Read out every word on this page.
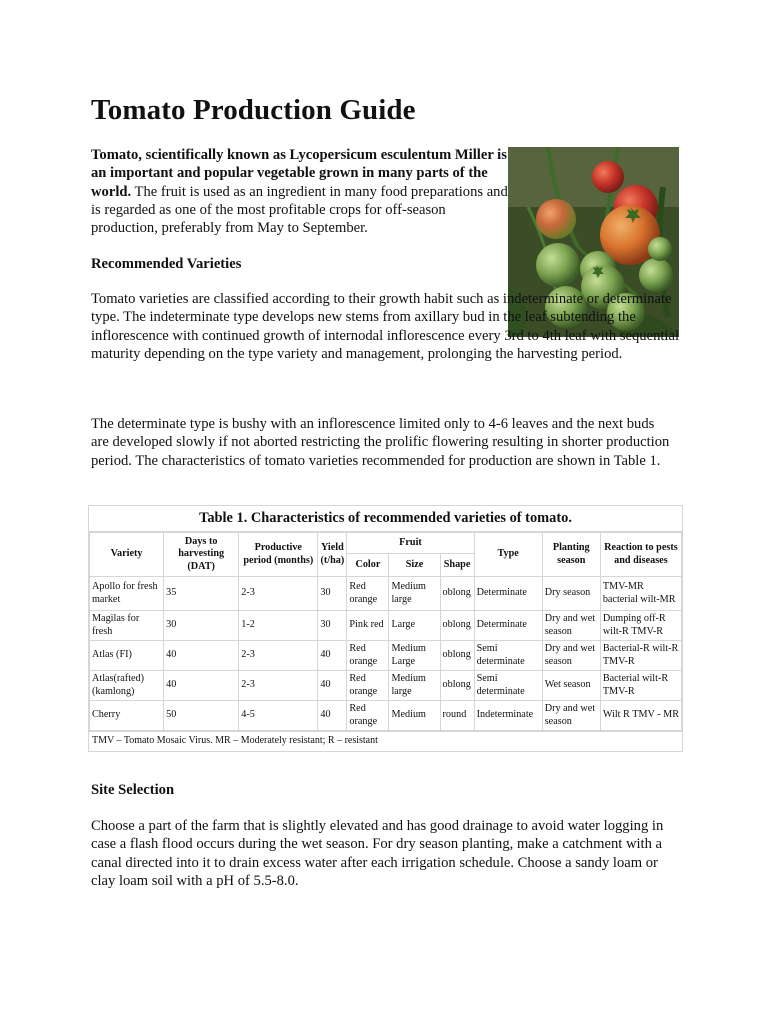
Tomato Production Guide

Tomato, scientifically known as Lycopersicum esculentum Miller is an important and popular vegetable grown in many parts of the world. The fruit is used as an ingredient in many food preparations and is regarded as one of the most profitable crops for off-season production, preferably from May to September.

Recommended Varieties

Tomato varieties are classified according to their growth habit such as indeterminate or determinate type. The indeterminate type develops new stems from axillary bud in the leaf subtending the inflorescence with continued growth of internodal inflorescence every 3rd to 4th leaf with sequential maturity depending on the type variety and management, prolonging the harvesting period.

The determinate type is bushy with an inflorescence limited only to 4-6 leaves and the next buds are developed slowly if not aborted restricting the prolific flowering resulting in shorter production period. The characteristics of tomato varieties recommended for production are shown in Table 1.

Table 1. Characteristics of recommended varieties of tomato.
Variety	Days to harvesting (DAT)	Productive period (months)	Yield (t/ha)	Fruit			Type	Planting season	Reaction to pests and diseases
				Color	Size	Shape			
Apollo for fresh market	35	2-3	30	Red orange	Medium large	oblong	Determinate	Dry season	TMV-MR bacterial wilt-MR
Magilas for fresh	30	1-2	30	Pink red	Large	oblong	Determinate	Dry and wet season	Dumping off-R wilt-R TMV-R
Atlas (FI)	40	2-3	40	Red orange	Medium Large	oblong	Semi determinate	Dry and wet season	Bacterial-R wilt-R TMV-R
Atlas(rafted) (kamlong)	40	2-3	40	Red orange	Medium large	oblong	Semi determinate	Wet season	Bacterial wilt-R TMV-R
Cherry	50	4-5	40	Red orange	Medium	round	Indeterminate	Dry and wet season	Wilt R TMV - MR
TMV – Tomato Mosaic Virus. MR – Moderately resistant; R – resistant
Site Selection

Choose a part of the farm that is slightly elevated and has good drainage to avoid water logging in case a flash flood occurs during the wet season. For dry season planting, make a catchment with a canal directed into it to drain excess water after each irrigation schedule. Choose a sandy loam or clay loam soil with a pH of 5.5-8.0.
